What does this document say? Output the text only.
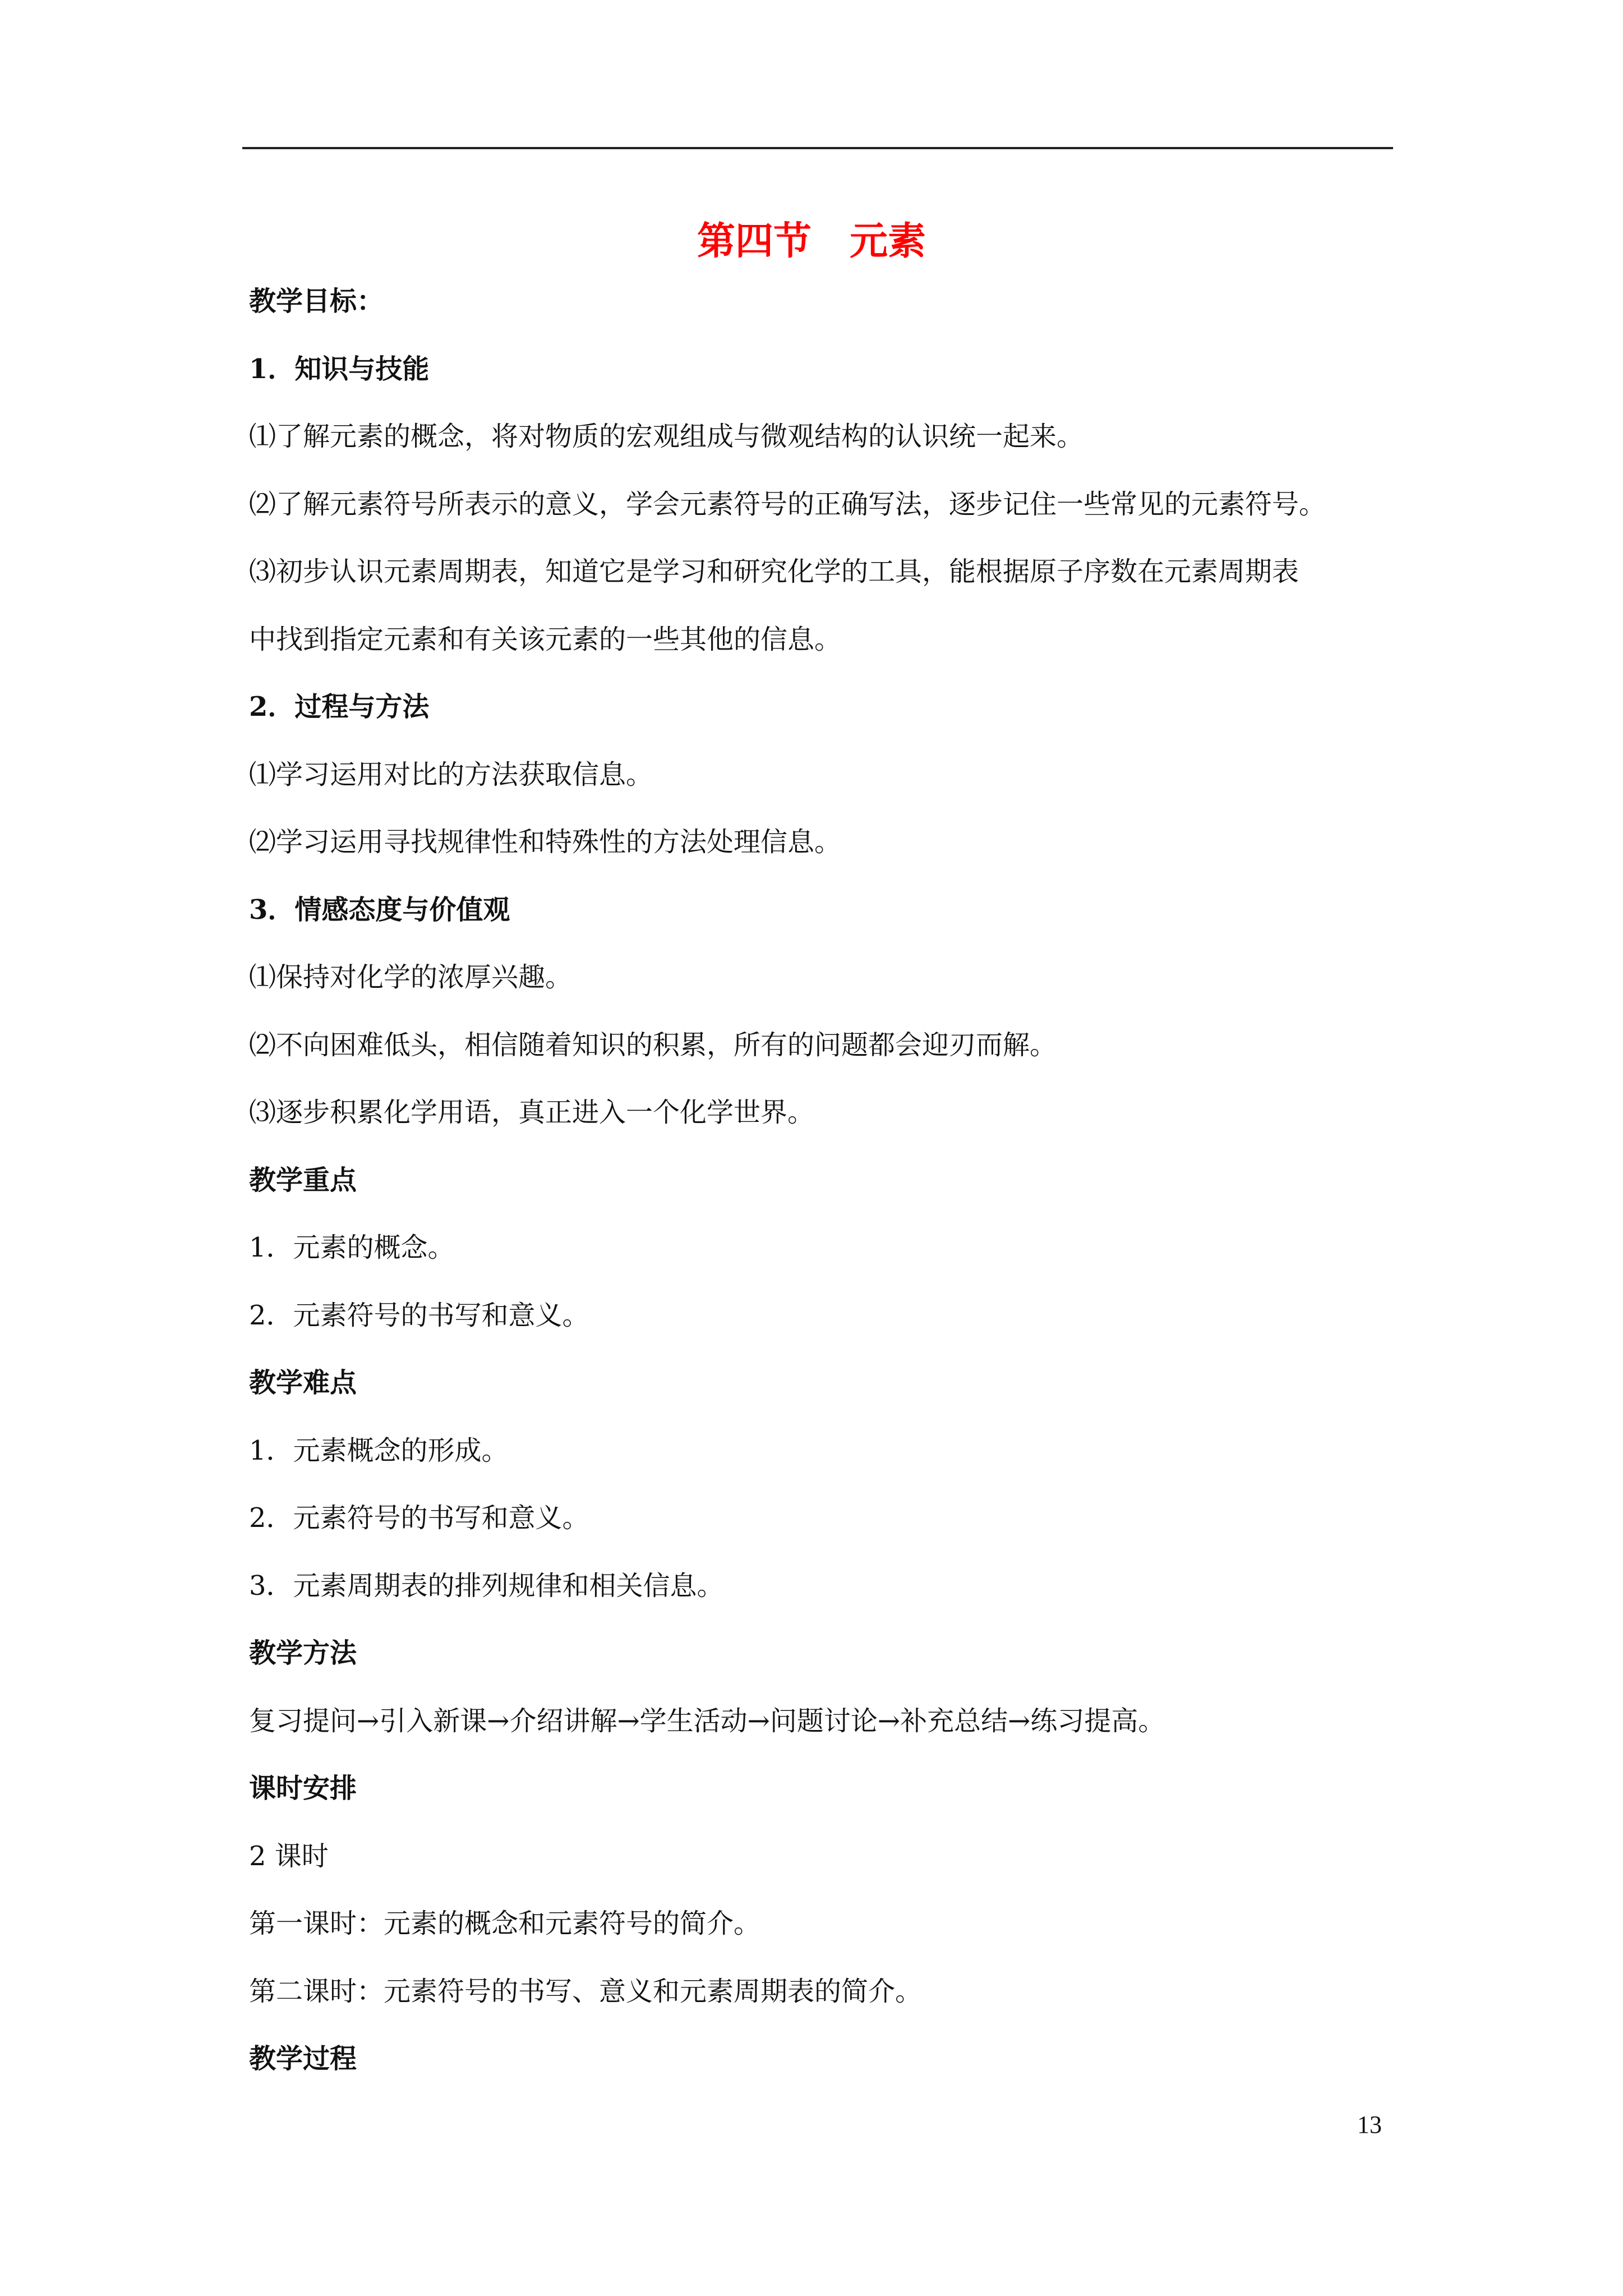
第四节　元素
教学目标：
1．知识与技能
⑴了解元素的概念，将对物质的宏观组成与微观结构的认识统一起来。
⑵了解元素符号所表示的意义，学会元素符号的正确写法，逐步记住一些常见的元素符号。
⑶初步认识元素周期表，知道它是学习和研究化学的工具，能根据原子序数在元素周期表
中找到指定元素和有关该元素的一些其他的信息。
2．过程与方法
⑴学习运用对比的方法获取信息。
⑵学习运用寻找规律性和特殊性的方法处理信息。
3．情感态度与价值观
⑴保持对化学的浓厚兴趣。
⑵不向困难低头，相信随着知识的积累，所有的问题都会迎刃而解。
⑶逐步积累化学用语，真正进入一个化学世界。
教学重点
1．元素的概念。
2．元素符号的书写和意义。
教学难点
1．元素概念的形成。
2．元素符号的书写和意义。
3．元素周期表的排列规律和相关信息。
教学方法
复习提问→引入新课→介绍讲解→学生活动→问题讨论→补充总结→练习提高。
课时安排
2 课时
第一课时：元素的概念和元素符号的简介。
第二课时：元素符号的书写、意义和元素周期表的简介。
教学过程
13
